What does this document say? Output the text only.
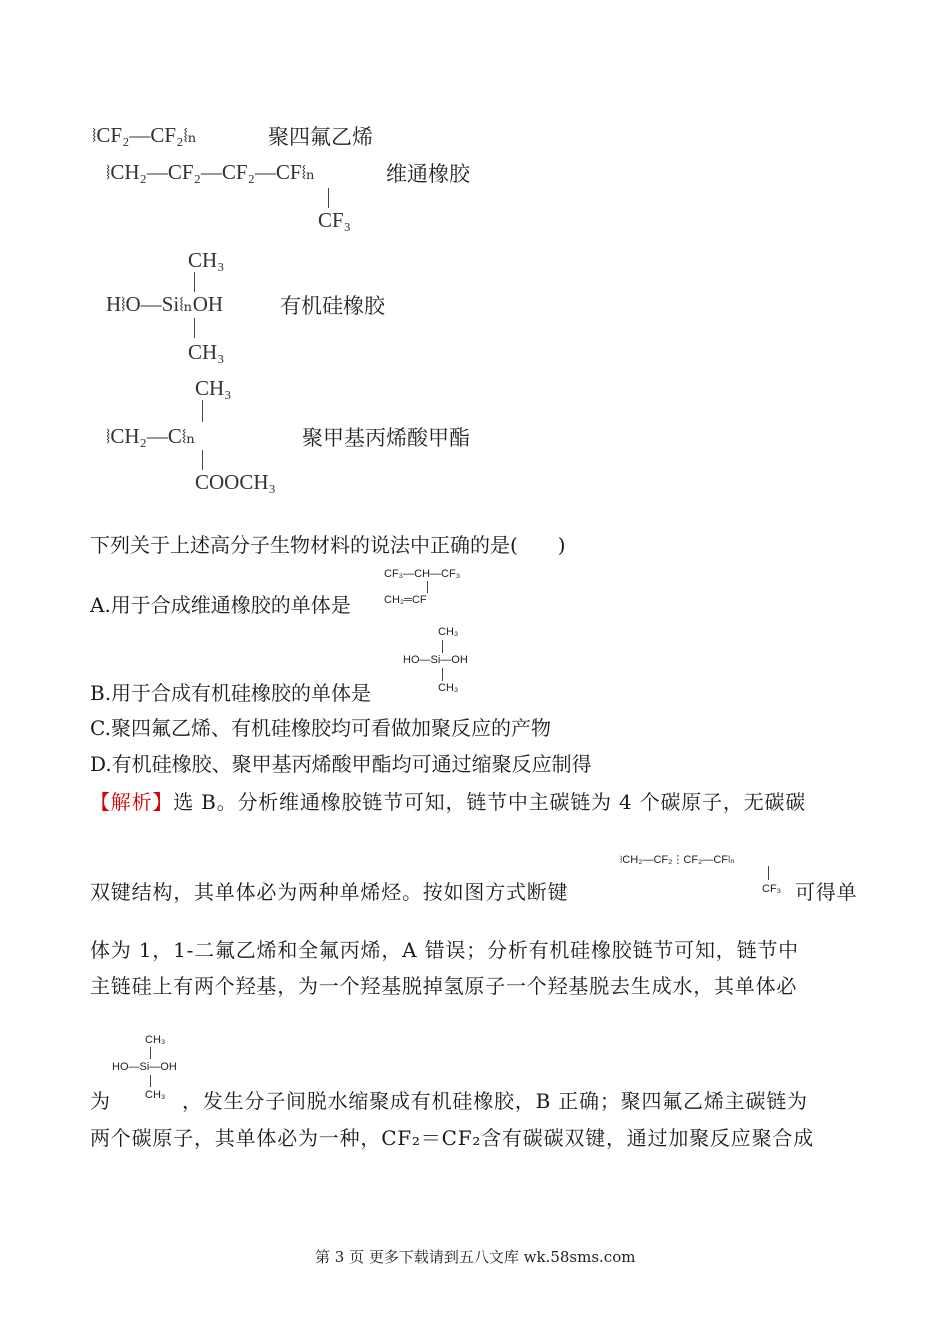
⧘CF₂—CF₂⧙ₙ	聚四氟乙烯
⧘CH₂—CF₂—CF₂—CF⧙ₙ	维通橡胶
CF₃
CH₃
H⧘O—Si⧙ₙOH	有机硅橡胶
CH₃
CH₃
⧘CH₂—C⧙ₙ	聚甲基丙烯酸甲酯
COOCH₃
下列关于上述高分子生物材料的说法中正确的是(　　)
CF₃—CH—CF₃
A.用于合成维通橡胶的单体是	CH₂═CF
CH₃
HO—Si—OH
CH₃
B.用于合成有机硅橡胶的单体是
C.聚四氟乙烯、有机硅橡胶均可看做加聚反应的产物
D.有机硅橡胶、聚甲基丙烯酸甲酯均可通过缩聚反应制得
【解析】选 B。分析维通橡胶链节可知，链节中主碳链为 4 个碳原子，无碳碳
⧘CH₂—CF₂⋮CF₂—CF⧙ₙ
CF₃
双键结构，其单体必为两种单烯烃。按如图方式断键	可得单
体为 1，1-二氟乙烯和全氟丙烯，A 错误；分析有机硅橡胶链节可知，链节中
主链硅上有两个羟基，为一个羟基脱掉氢原子一个羟基脱去生成水，其单体必
CH₃
HO—Si—OH
CH₃
为	，发生分子间脱水缩聚成有机硅橡胶，B 正确；聚四氟乙烯主碳链为
两个碳原子，其单体必为一种，CF₂＝CF₂含有碳碳双键，通过加聚反应聚合成
第 3 页 更多下载请到五八文库 wk.58sms.com
